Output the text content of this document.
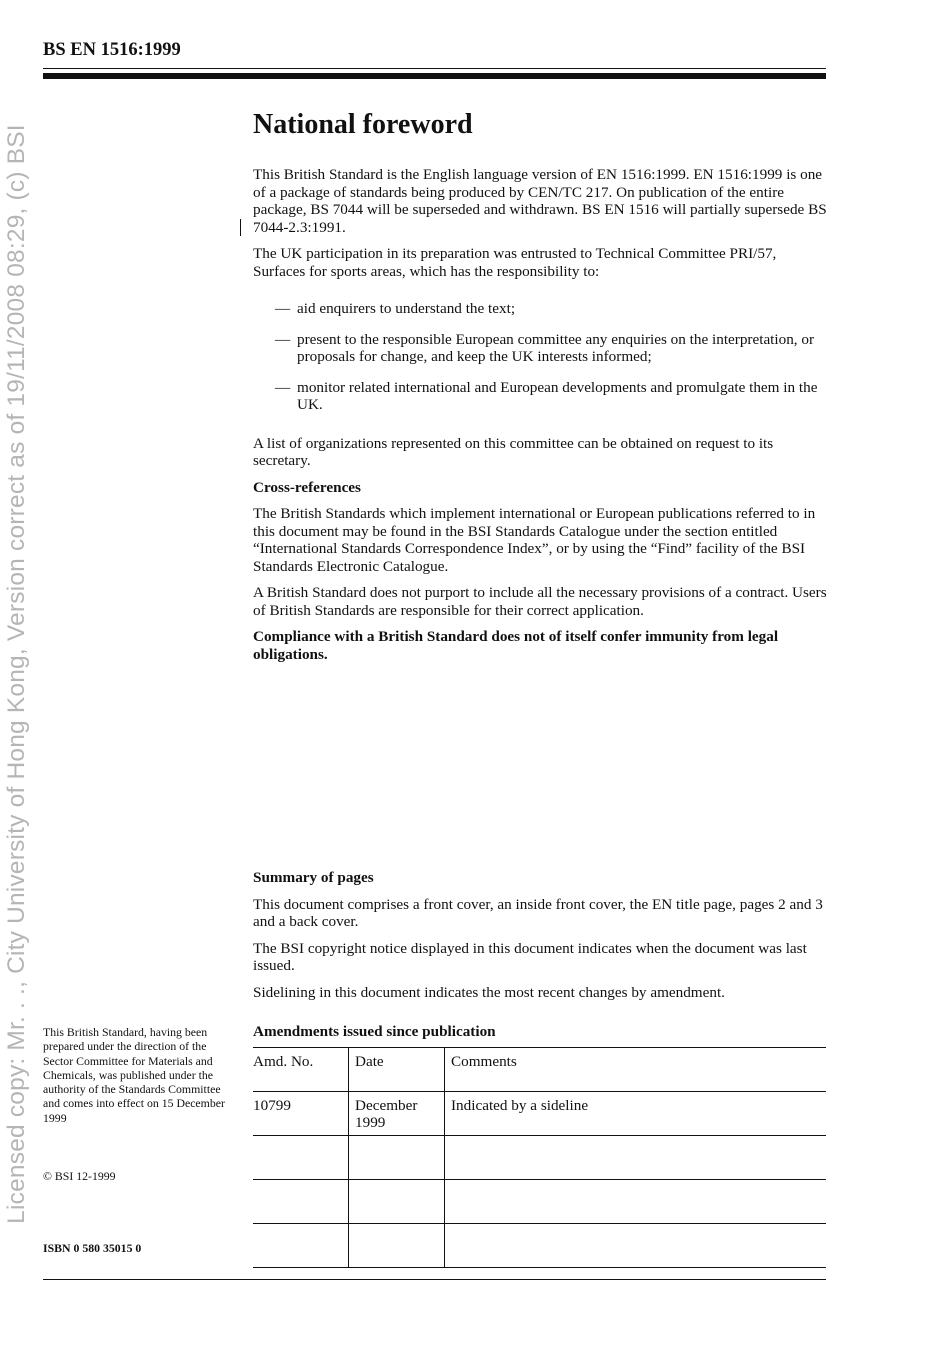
Licensed copy: Mr. . ., City University of Hong Kong, Version correct as of 19/11/2008 08:29, (c) BSI
BS EN 1516:1999
National foreword

This British Standard is the English language version of EN 1516:1999. EN 1516:1999 is one of a package of standards being produced by CEN/TC 217. On publication of the entire package, BS 7044 will be superseded and withdrawn. BS EN 1516 will partially supersede BS 7044-2.3:1991.

The UK participation in its preparation was entrusted to Technical Committee PRI/57, Surfaces for sports areas, which has the responsibility to:

— aid enquirers to understand the text;
— present to the responsible European committee any enquiries on the interpretation, or proposals for change, and keep the UK interests informed;
— monitor related international and European developments and promulgate them in the UK.

A list of organizations represented on this committee can be obtained on request to its secretary.

Cross-references

The British Standards which implement international or European publications referred to in this document may be found in the BSI Standards Catalogue under the section entitled “International Standards Correspondence Index”, or by using the “Find” facility of the BSI Standards Electronic Catalogue.

A British Standard does not purport to include all the necessary provisions of a contract. Users of British Standards are responsible for their correct application.

Compliance with a British Standard does not of itself confer immunity from legal obligations.

Summary of pages

This document comprises a front cover, an inside front cover, the EN title page, pages 2 and 3 and a back cover.

The BSI copyright notice displayed in this document indicates when the document was last issued.

Sidelining in this document indicates the most recent changes by amendment.

Amendments issued since publication
Amd. No.	Date	Comments
10799	December 1999	Indicated by a sideline

This British Standard, having been prepared under the direction of the Sector Committee for Materials and Chemicals, was published under the authority of the Standards Committee and comes into effect on 15 December 1999
© BSI 12-1999
ISBN 0 580 35015 0
